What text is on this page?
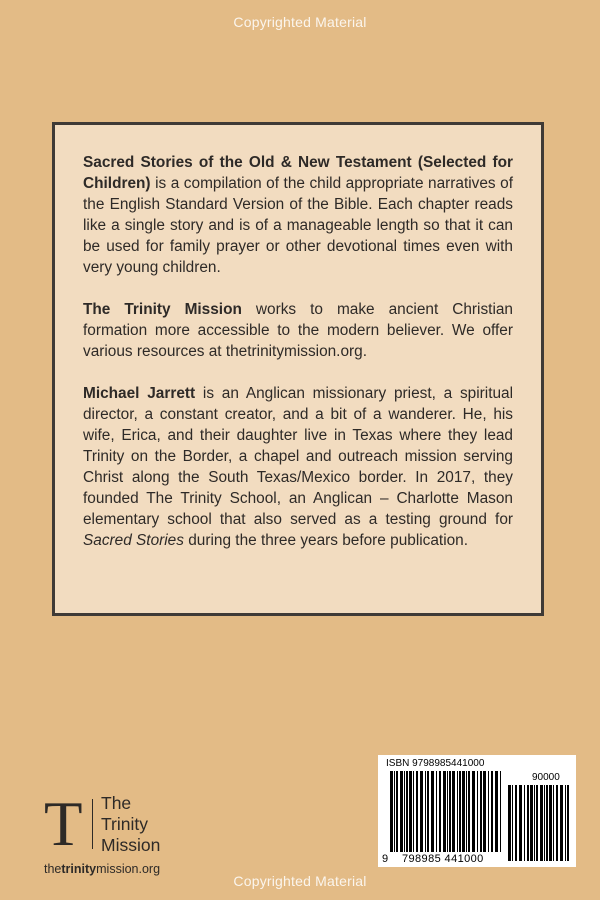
Copyrighted Material

Sacred Stories of the Old & New Testament (Selected for Children) is a compilation of the child appropriate narratives of the English Standard Version of the Bible. Each chapter reads like a single story and is of a manageable length so that it can be used for family prayer or other devotional times even with very young children.

The Trinity Mission works to make ancient Christian formation more accessible to the modern believer. We offer various resources at thetrinitymission.org.

Michael Jarrett is an Anglican missionary priest, a spiritual director, a constant creator, and a bit of a wanderer. He, his wife, Erica, and their daughter live in Texas where they lead Trinity on the Border, a chapel and outreach mission serving Christ along the South Texas/Mexico border. In 2017, they founded The Trinity School, an Anglican – Charlotte Mason elementary school that also served as a testing ground for Sacred Stories during the three years before publication.

T The
Trinity
Mission
thetrinitymission.org
ISBN 9798985441000
90000
9 798985 441000
Copyrighted Material
